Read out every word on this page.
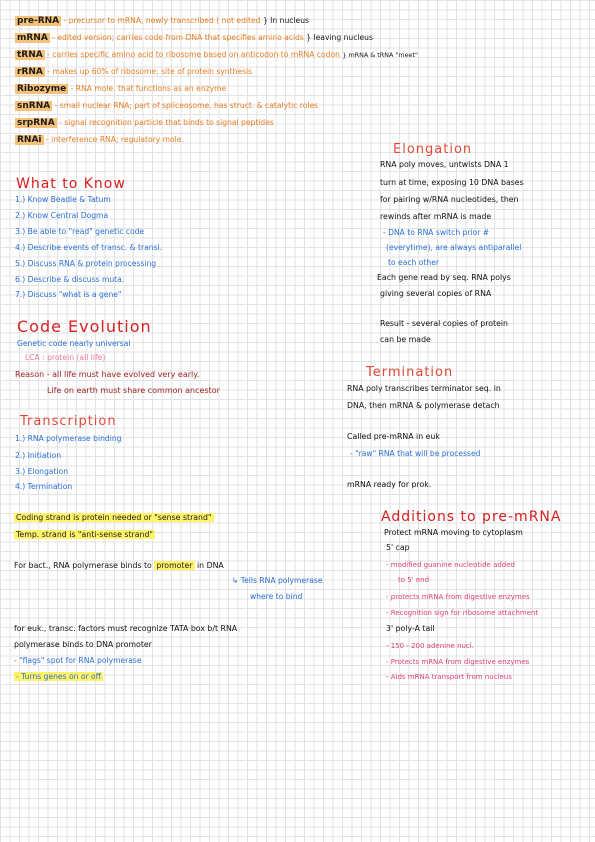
pre-RNA - precursor to mRNA, newly transcribed ( not edited } In nucleus
mRNA - edited version; carries code from DNA that specifies amino acids } leaving nucleus
tRNA - carries specific amino acid to ribosome based on anticodon to mRNA codon } mRNA & tRNA "meet"
rRNA - makes up 60% of ribosome; site of protein synthesis
Ribozyme - RNA mole. that functions as an enzyme
snRNA - small nuclear RNA; part of spliceosome. has struct. & catalytic roles
srpRNA - signal recognition particle that binds to signal peptides
RNAi - interference RNA; regulatory mole.
What to Know
1.) Know Beadle & Tatum
2.) Know Central Dogma
3.) Be able to "read" genetic code
4.) Describe events of transc. & transl.
5.) Discuss RNA & protein processing
6.) Describe & discuss muta.
7.) Discuss "what is a gene"
Code Evolution
Genetic code nearly universal
LCA : protein (all life)
Reason - all life must have evolved very early.
Life on earth must share common ancestor
Transcription
1.) RNA polymerase binding
2.) Initiation
3.) Elongation
4.) Termination
Coding strand is protein needed or "sense strand"
Temp. strand is "anti-sense strand"
For bact., RNA polymerase binds to promoter in DNA
↳ Tells RNA polymerase
where to bind
for euk., transc. factors must recognize TATA box b/t RNA
polymerase binds to DNA promoter
- "flags" spot for RNA polymerase
- Turns genes on or off
Elongation
RNA poly moves, untwists DNA 1
turn at time, exposing 10 DNA bases
for pairing w/RNA nucleotides, then
rewinds after mRNA is made
- DNA to RNA switch prior #
(everytime), are always antiparallel
to each other
Each gene read by seq. RNA polys
giving several copies of RNA
Result - several copies of protein
can be made
Termination
RNA poly transcribes terminator seq. in
DNA, then mRNA & polymerase detach
Called pre-mRNA in euk
- "raw" RNA that will be processed
mRNA ready for prok.
Additions to pre-mRNA
Protect mRNA moving to cytoplasm
5' cap
- modified guanine nucleotide added
to 5' end
- protects mRNA from digestive enzymes
- Recognition sign for ribosome attachment
3' poly-A tail
- 150 - 200 adenine nucl.
- Protects mRNA from digestive enzymes
- Aids mRNA transport from nucleus
